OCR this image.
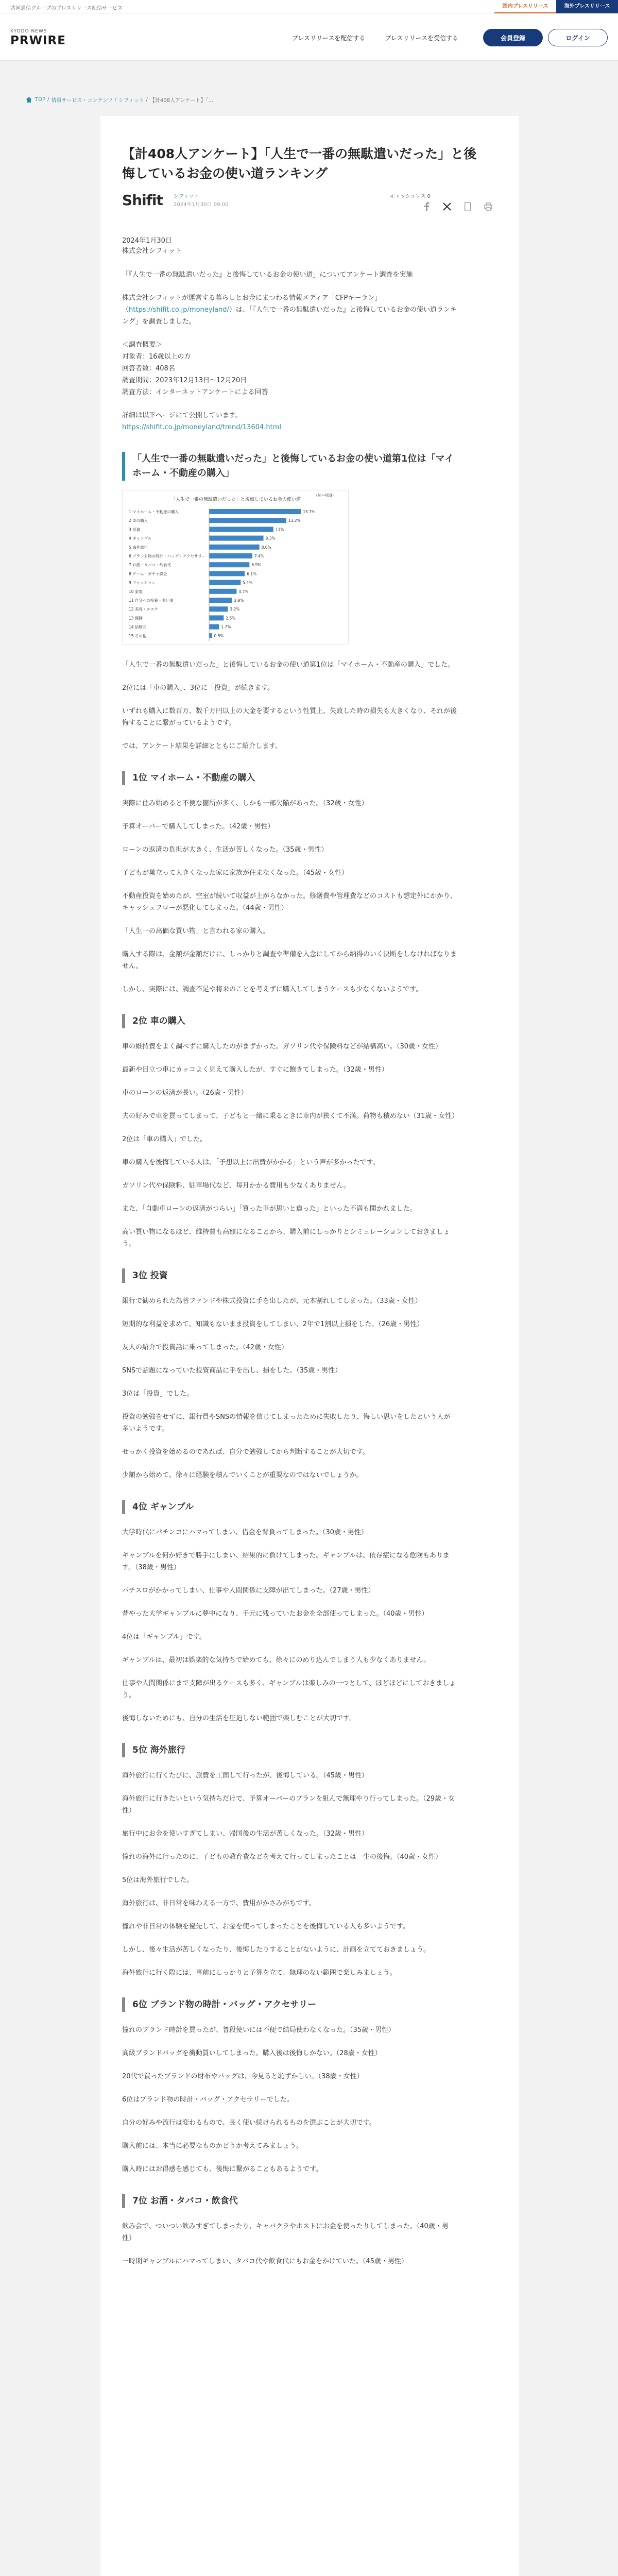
共同通信グループのプレスリリース配信サービス	国内プレスリリース	海外プレスリリース
KYODO NEWS
PRWIRE	プレスリリースを配信する	プレスリリースを受信する	会員登録	ログイン
TOP / 情報サービス・コンテンツ / シフィット / 【計408人アンケート】「...
【計408人アンケート】「人生で一番の無駄遣いだった」と後悔しているお金の使い道ランキング
Shifit シフィット
2024年1月30日 09:00
キャッシュレス 0
2024年1月30日
株式会社シフィット

「『人生で一番の無駄遣いだった』と後悔しているお金の使い道」についてアンケート調査を実施

株式会社シフィットが運営する暮らしとお金にまつわる情報メディア「CFPキーラン」（https://shifit.co.jp/moneyland/）は、「『人生で一番の無駄遣いだった』と後悔しているお金の使い道ランキング」を調査しました。

＜調査概要＞
対象者：16歳以上の方
回答者数：408名
調査期間：2023年12月13日～12月20日
調査方法：インターネットアンケートによる回答

詳細は以下ページにて公開しています。
https://shifit.co.jp/moneyland/trend/13604.html

「人生で一番の無駄遣いだった」と後悔しているお金の使い道第1位は「マイホーム・不動産の購入」
「人生で一番の無駄遣いだった」と後悔しているお金の使い道
(N=408)
1 マイホーム・不動産の購入	15.7%
2 車の購入	13.2%
3 投資	11%
4 ギャンブル	9.3%
5 海外旅行	8.6%
6 ブランド物の時計・バッグ・アクセサリー	7.4%
7 お酒・タバコ・飲食代	6.9%
8 ゲーム・ガチャ課金	6.1%
9 ファッション	5.4%
10 家電	4.7%
11 自分への投資・習い事	3.9%
12 美容・エステ	3.2%
13 保険	2.5%
14 結婚式	1.7%
15 その他	0.5%

「人生で一番の無駄遣いだった」と後悔しているお金の使い道第1位は「マイホーム・不動産の購入」でした。

2位には「車の購入」、3位に「投資」が続きます。

いずれも購入に数百万、数千万円以上の大金を要するという性質上、失敗した時の損失も大きくなり、それが後悔することに繋がっているようです。

では、アンケート結果を詳細とともにご紹介します。

1位 マイホーム・不動産の購入

実際に住み始めると不便な箇所が多く、しかも一部欠陥があった。（32歳・女性）

予算オーバーで購入してしまった。（42歳・男性）

ローンの返済の負担が大きく、生活が苦しくなった。（35歳・男性）

子どもが巣立って大きくなった家に家族が住まなくなった。（45歳・女性）

不動産投資を始めたが、空室が続いて収益が上がらなかった。修繕費や管理費などのコストも想定外にかかり、キャッシュフローが悪化してしまった。（44歳・男性）

「人生一の高価な買い物」と言われる家の購入。

購入する際は、金額が金額だけに、しっかりと調査や準備を入念にしてから納得のいく決断をしなければなりません。

しかし、実際には、調査不足や将来のことを考えずに購入してしまうケースも少なくないようです。

2位 車の購入

車の維持費をよく調べずに購入したのがまずかった。ガソリン代や保険料などが結構高い。（30歳・女性）

最新や目立つ車にカッコよく見えて購入したが、すぐに飽きてしまった。（32歳・男性）

車のローンの返済が長い。（26歳・男性）

夫の好みで車を買ってしまって、子どもと一緒に乗るときに車内が狭くて不満。荷物も積めない（31歳・女性）

2位は「車の購入」でした。

車の購入を後悔している人は、「予想以上に出費がかかる」という声が多かったです。

ガソリン代や保険料、駐車場代など、毎月かかる費用も少なくありません。

また、「自動車ローンの返済がつらい」「買った車が思いと違った」といった不満も聞かれました。

高い買い物になるほど、維持費も高額になることから、購入前にしっかりとシミュレーションしておきましょう。

3位 投資

銀行で勧められた為替ファンドや株式投資に手を出したが、元本割れしてしまった。（33歳・女性）

短期的な利益を求めて、知識もないまま投資をしてしまい、2年で1割以上損をした。（26歳・男性）

友人の紹介で投資話に乗ってしまった。（42歳・女性）

SNSで話題になっていた投資商品に手を出し、損をした。（35歳・男性）

3位は「投資」でした。

投資の勉強をせずに、銀行員やSNSの情報を信じてしまったために失敗したり、悔しい思いをしたという人が多いようです。

せっかく投資を始めるのであれば、自分で勉強してから判断することが大切です。

少額から始めて、徐々に経験を積んでいくことが重要なのではないでしょうか。

4位 ギャンブル

大学時代にパチンコにハマってしまい、借金を背負ってしまった。（30歳・男性）

ギャンブルを何か好きで勝手にしまい、結果的に負けてしまった。ギャンブルは、依存症になる危険もあります。（38歳・男性）

パチスロがかかってしまい、仕事や人間関係に支障が出てしまった。（27歳・男性）

昔やった大学ギャンブルに夢中になり、手元に残っていたお金を全部使ってしまった。（40歳・男性）

4位は「ギャンブル」です。

ギャンブルは、最初は娯楽的な気持ちで始めても、徐々にのめり込んでしまう人も少なくありません。

仕事や人間関係にまで支障が出るケースも多く、ギャンブルは楽しみの一つとして、ほどほどにしておきましょう。

後悔しないためにも、自分の生活を圧迫しない範囲で楽しむことが大切です。

5位 海外旅行

海外旅行に行くたびに、旅費を工面して行ったが、後悔している。（45歳・男性）

海外旅行に行きたいという気持ちだけで、予算オーバーのプランを組んで無理やり行ってしまった。（29歳・女性）

旅行中にお金を使いすぎてしまい、帰国後の生活が苦しくなった。（32歳・男性）

憧れの海外に行ったのに、子どもの教育費などを考えて行ってしまったことは一生の後悔。（40歳・女性）

5位は海外旅行でした。

海外旅行は、非日常を味わえる一方で、費用がかさみがちです。

憧れや非日常の体験を優先して、お金を使ってしまったことを後悔している人も多いようです。

しかし、後々生活が苦しくなったり、後悔したりすることがないように、計画を立てておきましょう。

海外旅行に行く際には、事前にしっかりと予算を立て、無理のない範囲で楽しみましょう。

6位 ブランド物の時計・バッグ・アクセサリー

憧れのブランド時計を買ったが、普段使いには不便で結局使わなくなった。（35歳・男性）

高級ブランドバッグを衝動買いしてしまった。購入後は後悔しかない。（28歳・女性）

20代で買ったブランドの財布やバッグは、今見ると恥ずかしい。（38歳・女性）

6位はブランド物の時計・バッグ・アクセサリーでした。

自分の好みや流行は変わるもので、長く使い続けられるものを選ぶことが大切です。

購入前には、本当に必要なものかどうか考えてみましょう。

購入時にはお得感を感じても、後悔に繋がることもあるようです。

7位 お酒・タバコ・飲食代

飲み会で、ついつい飲みすぎてしまったり、キャバクラやホストにお金を使ったりしてしまった。（40歳・男性）

一時期ギャンブルにハマってしまい、タバコ代や飲食代にもお金をかけていた。（45歳・男性）
